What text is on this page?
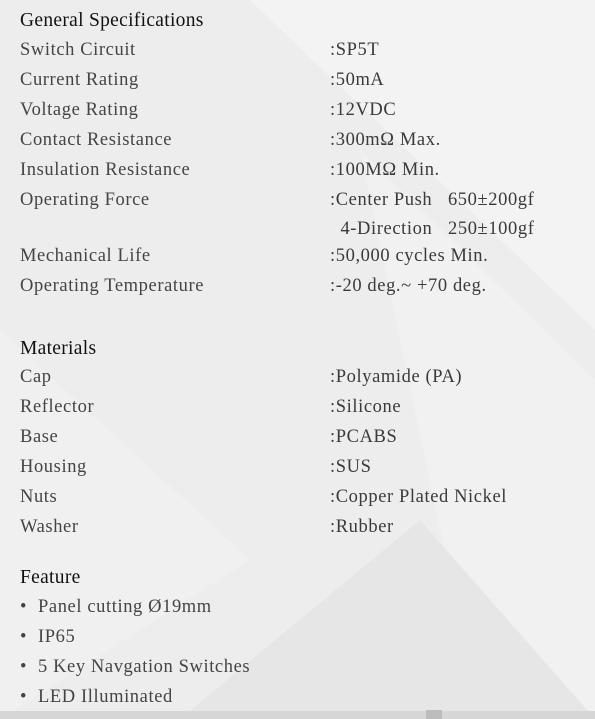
General Specifications
Switch Circuit	:SP5T
Current Rating	:50mA
Voltage Rating	:12VDC
Contact Resistance	:300mΩ Max.
Insulation Resistance	:100MΩ Min.
Operating Force	:Center Push   650±200gf
4-Direction   250±100gf
Mechanical Life	:50,000 cycles Min.
Operating Temperature	:-20 deg.~ +70 deg.
Materials
Cap	:Polyamide (PA)
Reflector	:Silicone
Base	:PCABS
Housing	:SUS
Nuts	:Copper Plated Nickel
Washer	:Rubber
Feature
• Panel cutting Ø19mm
• IP65
• 5 Key Navgation Switches
• LED Illuminated
